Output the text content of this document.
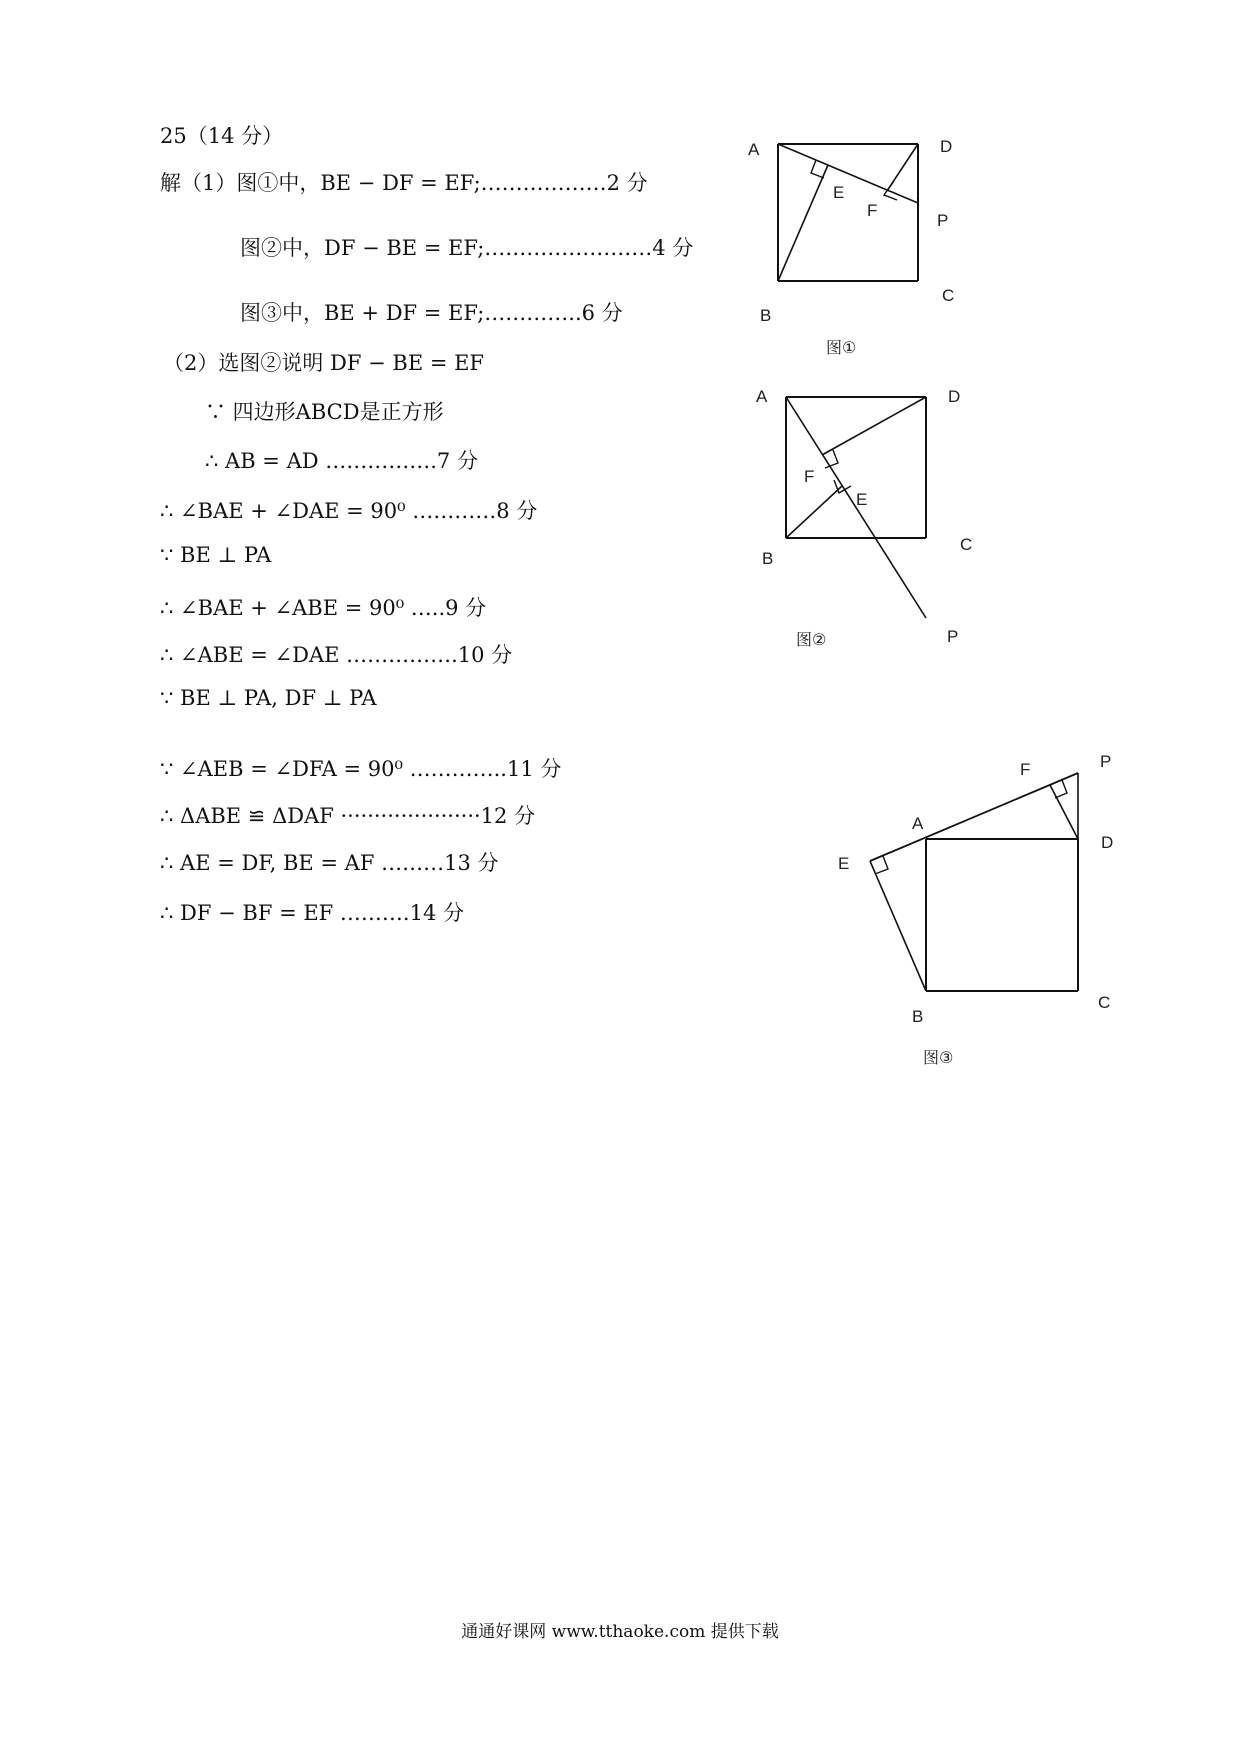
25（14 分）
解（1）图①中，BE − DF = EF;………………2 分
图②中，DF − BE = EF;……………………4 分
图③中，BE + DF = EF;…………..6 分
（2）选图②说明 DF − BE = EF
∵ 四边形ABCD是正方形
∴ AB = AD …………….7 分
∴ ∠BAE + ∠DAE = 90⁰ …………8 分
∵ BE ⊥ PA
∴ ∠BAE + ∠ABE = 90⁰ …..9 分
∴ ∠ABE = ∠DAE …………….10 分
∵ BE ⊥ PA, DF ⊥ PA
∵ ∠AEB = ∠DFA = 90⁰ …………..11 分
∴ ΔABE ≌ ΔDAF ·····················12 分
∴ AE = DF, BE = AF ………13 分
∴ DF − BF = EF ……….14 分
A	D
E
F
P
B
C
图①
A	D
F
E
B
C
P
图②
F	P
A
D
E
B
C
图③
通通好课网 www.tthaoke.com 提供下载
